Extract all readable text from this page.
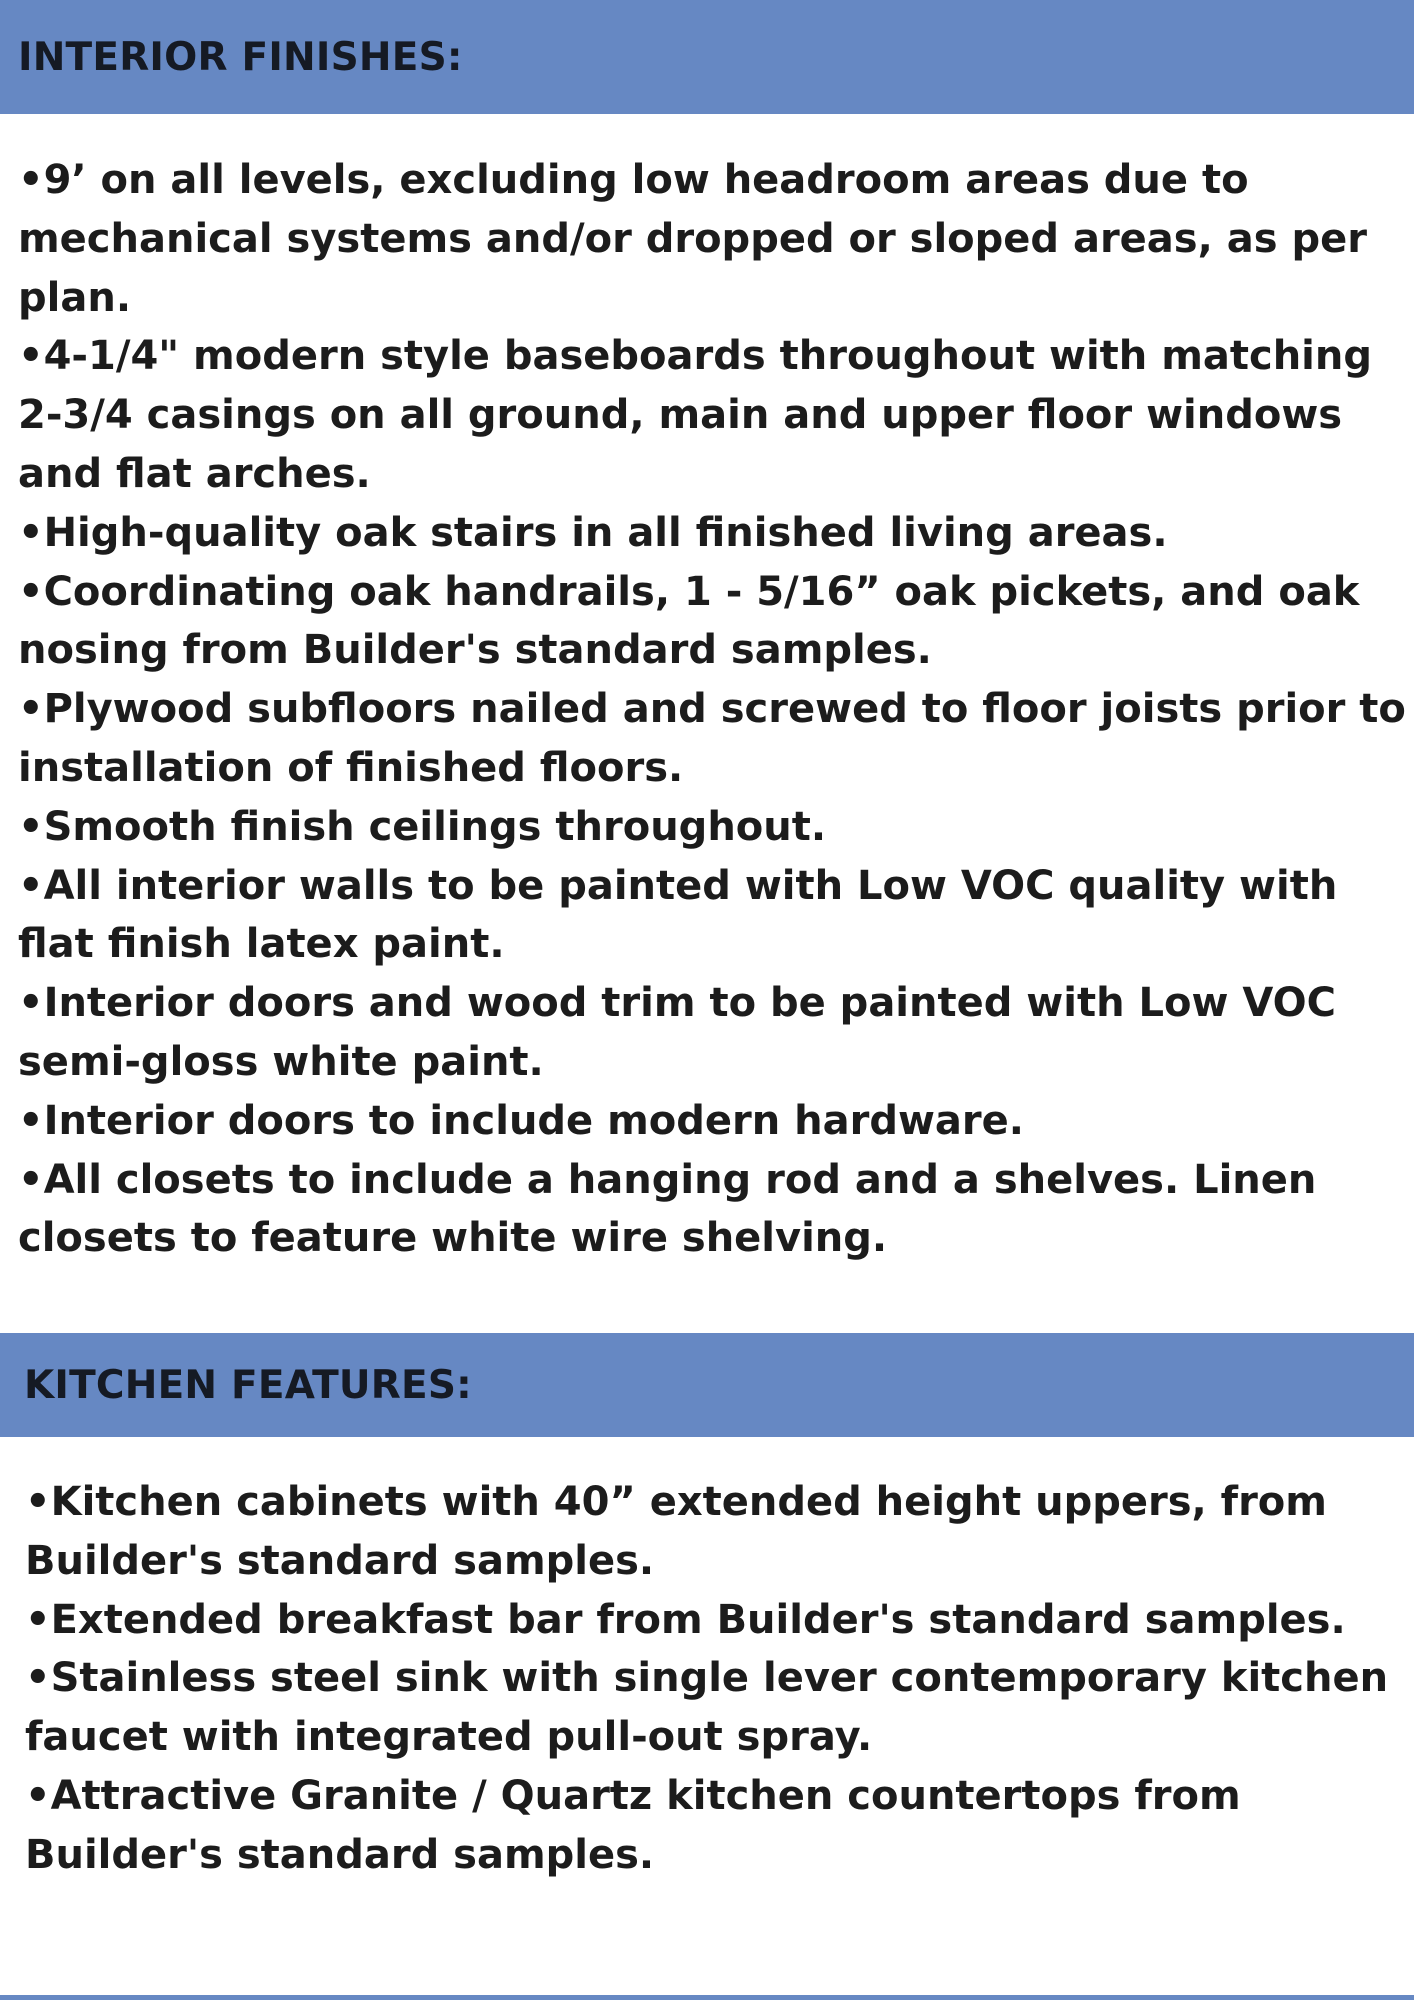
INTERIOR FINISHES:
•9’ on all levels, excluding low headroom areas due to mechanical systems and/or dropped or sloped areas, as per plan.
•4-1/4" modern style baseboards throughout with matching 2-3/4 casings on all ground, main and upper floor windows and flat arches.
•High-quality oak stairs in all finished living areas.
•Coordinating oak handrails, 1 - 5/16” oak pickets, and oak nosing from Builder's standard samples.
•Plywood subfloors nailed and screwed to floor joists prior to installation of finished floors.
•Smooth finish ceilings throughout.
•All interior walls to be painted with Low VOC quality with flat finish latex paint.
•Interior doors and wood trim to be painted with Low VOC semi-gloss white paint.
•Interior doors to include modern hardware.
•All closets to include a hanging rod and a shelves. Linen closets to feature white wire shelving.
KITCHEN FEATURES:
•Kitchen cabinets with 40” extended height uppers, from Builder's standard samples.
•Extended breakfast bar from Builder's standard samples.
•Stainless steel sink with single lever contemporary kitchen faucet with integrated pull-out spray.
•Attractive Granite / Quartz kitchen countertops from Builder's standard samples.
